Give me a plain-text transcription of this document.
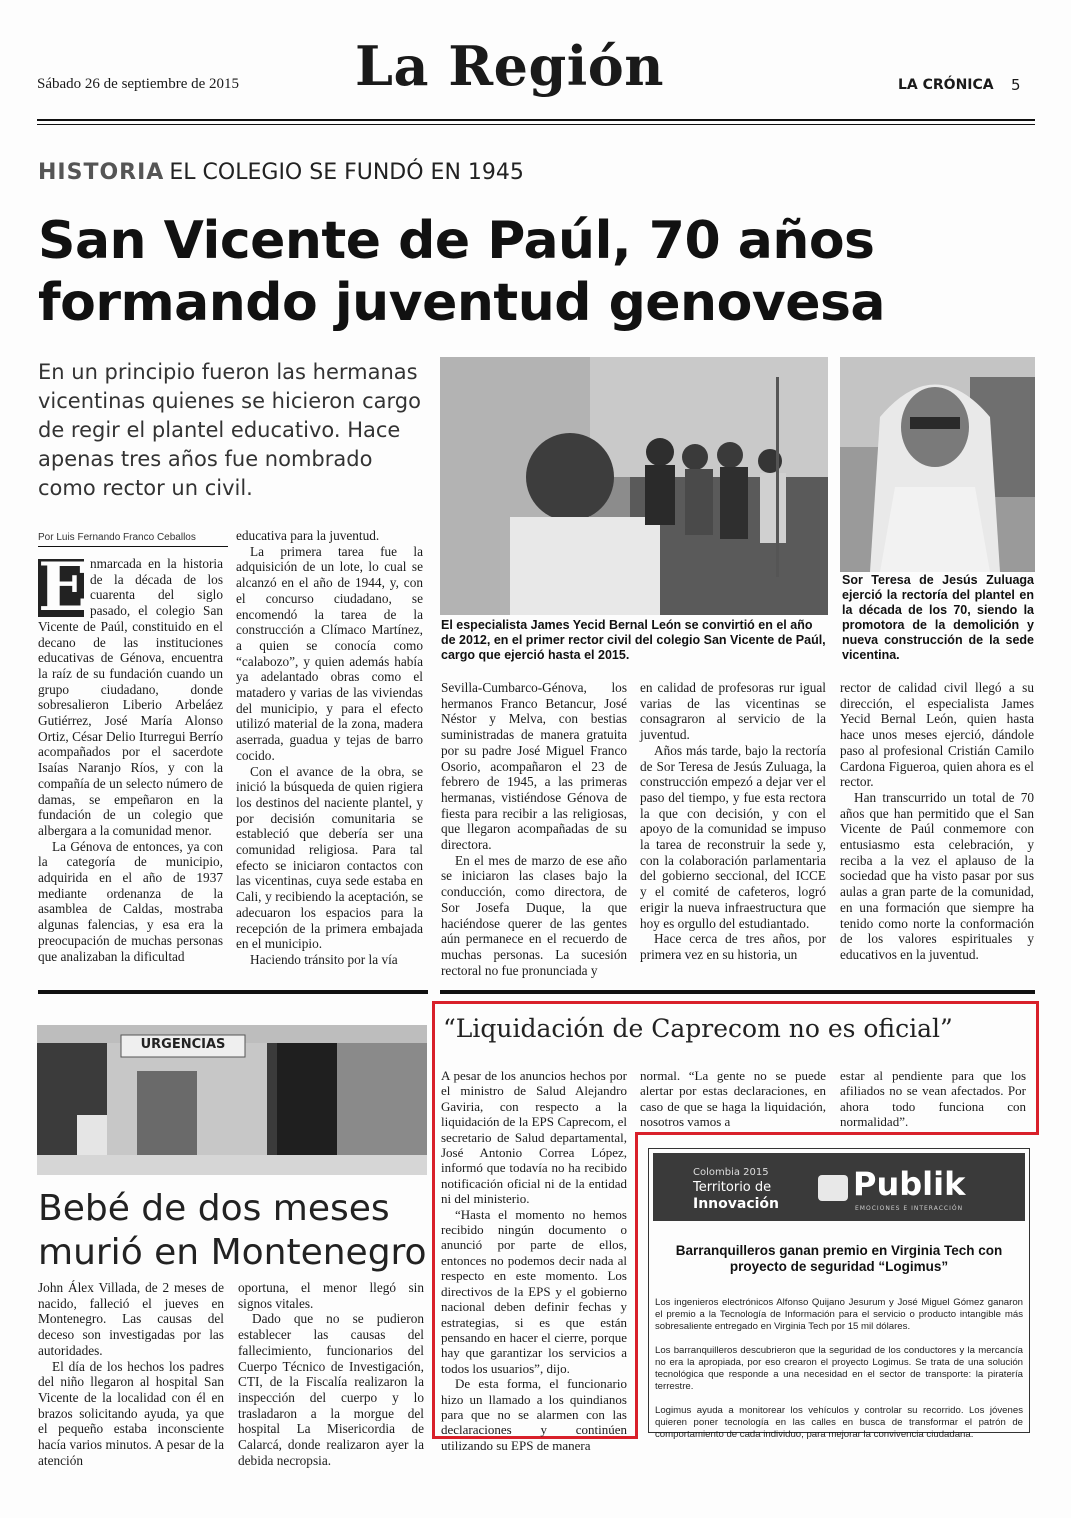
Sábado 26 de septiembre de 2015 La Región	LA CRÓNICA 5
HISTORIA EL COLEGIO SE FUNDÓ EN 1945
San Vicente de Paúl, 70 años formando juventud genovesa
En un principio fueron las hermanas vicentinas quienes se hicieron cargo de regir el plantel educativo. Hace apenas tres años fue nombrado como rector un civil.
Por Luis Fernando Franco Ceballos
El especialista James Yecid Bernal León se convirtió en el año de 2012, en el primer rector civil del colegio San Vicente de Paúl, cargo que ejerció hasta el 2015.
Sor Teresa de Jesús Zuluaga ejerció la rectoría del plantel en la década de los 70, siendo la promotora de la demolición y nueva construcción de la sede vicentina.
E nmarcada en la historia de la década de los cuarenta del siglo pasado, el colegio San Vicente de Paúl, constituido en el decano de las instituciones educativas de Génova, encuentra la raíz de su fundación cuando un grupo ciudadano, donde sobresalieron Liberio Arbeláez Gutiérrez, José María Alonso Ortiz, César Delio Iturregui Berrío acompañados por el sacerdote Isaías Naranjo Ríos, y con la compañía de un selecto número de damas, se empeñaron en la fundación de un colegio que albergara a la comunidad menor.

La Génova de entonces, ya con la categoría de municipio, adquirida en el año de 1937 mediante ordenanza de la asamblea de Caldas, mostraba algunas falencias, y esa era la preocupación de muchas personas que analizaban la dificultad

educativa para la juventud.

La primera tarea fue la adquisición de un lote, lo cual se alcanzó en el año de 1944, y, con el concurso ciudadano, se encomendó la tarea de la construcción a Clímaco Martínez, a quien se conocía como “calabozo”, y quien además había ya adelantado obras como el matadero y varias de las viviendas del municipio, y para el efecto utilizó material de la zona, madera aserrada, guadua y tejas de barro cocido.

Con el avance de la obra, se inició la búsqueda de quien rigiera los destinos del naciente plantel, y por decisión comunitaria se estableció que debería ser una comunidad religiosa. Para tal efecto se iniciaron contactos con las vicentinas, cuya sede estaba en Cali, y recibiendo la aceptación, se adecuaron los espacios para la recepción de la primera embajada en el municipio.

Haciendo tránsito por la vía

Sevilla-Cumbarco-Génova, los hermanos Franco Betancur, José Néstor y Melva, con bestias suministradas de manera gratuita por su padre José Miguel Franco Osorio, acompañaron el 23 de febrero de 1945, a las primeras hermanas, vistiéndose Génova de fiesta para recibir a las religiosas, que llegaron acompañadas de su directora.

En el mes de marzo de ese año se iniciaron las clases bajo la conducción, como directora, de Sor Josefa Duque, la que haciéndose querer de las gentes aún permanece en el recuerdo de muchas personas. La sucesión rectoral no fue pronunciada y

en calidad de profesoras rur igual varias de las vicentinas se consagraron al servicio de la juventud.

Años más tarde, bajo la rectoría de Sor Teresa de Jesús Zuluaga, la construcción empezó a dejar ver el paso del tiempo, y fue esta rectora la que con decisión, y con el apoyo de la comunidad se impuso la tarea de reconstruir la sede y, con la colaboración parlamentaria del gobierno seccional, del ICCE y el comité de cafeteros, logró erigir la nueva infraestructura que hoy es orgullo del estudiantado.

Hace cerca de tres años, por primera vez en su historia, un

rector de calidad civil llegó a su dirección, el especialista James Yecid Bernal León, quien hasta hace unos meses ejerció, dándole paso al profesional Cristián Camilo Cardona Figueroa, quien ahora es el rector.

Han transcurrido un total de 70 años que han permitido que el San Vicente de Paúl conmemore con entusiasmo esta celebración, y reciba a la vez el aplauso de la sociedad que ha visto pasar por sus aulas a gran parte de la comunidad, en una formación que siempre ha tenido como norte la conformación de los valores espirituales y educativos en la juventud.

URGENCIAS
Bebé de dos meses murió en Montenegro

John Álex Villada, de 2 meses de nacido, falleció el jueves en Montenegro. Las causas del deceso son investigadas por las autoridades.

El día de los hechos los padres del niño llegaron al hospital San Vicente de la localidad con él en brazos solicitando ayuda, ya que el pequeño estaba inconsciente hacía varios minutos. A pesar de la atención

oportuna, el menor llegó sin signos vitales.

Dado que no se pudieron establecer las causas del fallecimiento, funcionarios del Cuerpo Técnico de Investigación, CTI, de la Fiscalía realizaron la inspección del cuerpo y lo trasladaron a la morgue del hospital La Misericordia de Calarcá, donde realizaron ayer la debida necropsia.

“Liquidación de Caprecom no es oficial”

A pesar de los anuncios hechos por el ministro de Salud Alejandro Gaviria, con respecto a la liquidación de la EPS Caprecom, el secretario de Salud departamental, José Antonio Correa López, informó que todavía no ha recibido notificación oficial ni de la entidad ni del ministerio.

“Hasta el momento no hemos recibido ningún documento o anunció por parte de ellos, entonces no podemos decir nada al respecto en este momento. Los directivos de la EPS y el gobierno nacional deben definir fechas y estrategias, si es que están pensando en hacer el cierre, porque hay que garantizar los servicios a todos los usuarios”, dijo.

De esta forma, el funcionario hizo un llamado a los quindianos para que no se alarmen con las declaraciones y continúen utilizando su EPS de manera

normal. “La gente no se puede alertar por estas declaraciones, en caso de que se haga la liquidación, nosotros vamos a

estar al pendiente para que los afiliados no se vean afectados. Por ahora todo funciona con normalidad”.

Colombia 2015
Territorio de
Innovación
Publik
EMOCIONES E INTERACCIÓN
Barranquilleros ganan premio en Virginia Tech con proyecto de seguridad “Logimus”

Los ingenieros electrónicos Alfonso Quijano Jesurum y José Miguel Gómez ganaron el premio a la Tecnología de Información para el servicio o producto intangible más sobresaliente entregado en Virginia Tech por 15 mil dólares.

Los barranquilleros descubrieron que la seguridad de los conductores y la mercancía no era la apropiada, por eso crearon el proyecto Logimus. Se trata de una solución tecnológica que responde a una necesidad en el sector de transporte: la piratería terrestre.

Logimus ayuda a monitorear los vehículos y controlar su recorrido. Los jóvenes quieren poner tecnología en las calles en busca de transformar el patrón de comportamiento de cada individuo, para mejorar la convivencia ciudadana.
